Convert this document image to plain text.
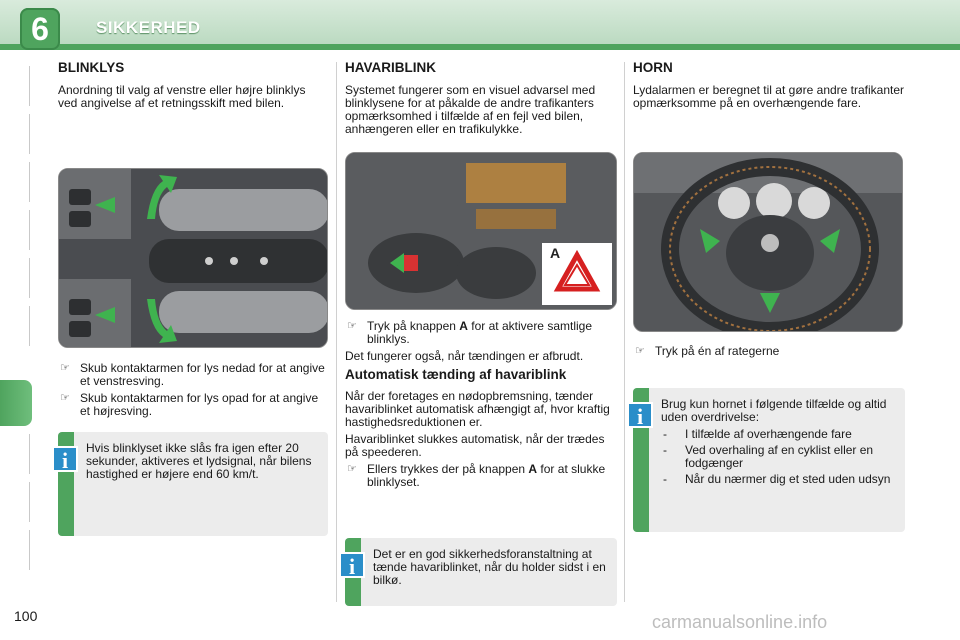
6	SIKKERHED
BLINKLYS

Anordning til valg af venstre eller højre blinklys ved angivelse af et retningsskift med bilen.

☞ Skub kontaktarmen for lys nedad for at angive et venstresving.
☞ Skub kontaktarmen for lys opad for at angive et højresving.
i	Hvis blinklyset ikke slås fra igen efter 20 sekunder, aktiveres et lydsignal, når bilens hastighed er højere end 60 km/t.
HAVARIBLINK

Systemet fungerer som en visuel advarsel med blinklysene for at påkalde de andre trafikanters opmærksomhed i tilfælde af en fejl ved bilen, anhængeren eller en trafikulykke.

A
☞ Tryk på knappen A for at aktivere samtlige blinklys.

Det fungerer også, når tændingen er afbrudt.

Automatisk tænding af havariblink

Når der foretages en nødopbremsning, tænder havariblinket automatisk afhængigt af, hvor kraftig hastighedsreduktionen er.

Havariblinket slukkes automatisk, når der trædes på speederen.

☞ Ellers trykkes der på knappen A for at slukke blinklyset.
i	Det er en god sikkerhedsforanstaltning at tænde havariblinket, når du holder sidst i en bilkø.
HORN

Lydalarmen er beregnet til at gøre andre trafikanter opmærksomme på en overhængende fare.

☞ Tryk på én af rategerne
i	Brug kun hornet i følgende tilfælde og altid uden overdrivelse:

- I tilfælde af overhængende fare
- Ved overhaling af en cyklist eller en fodgænger
- Når du nærmer dig et sted uden udsyn
100	carmanualsonline.info
